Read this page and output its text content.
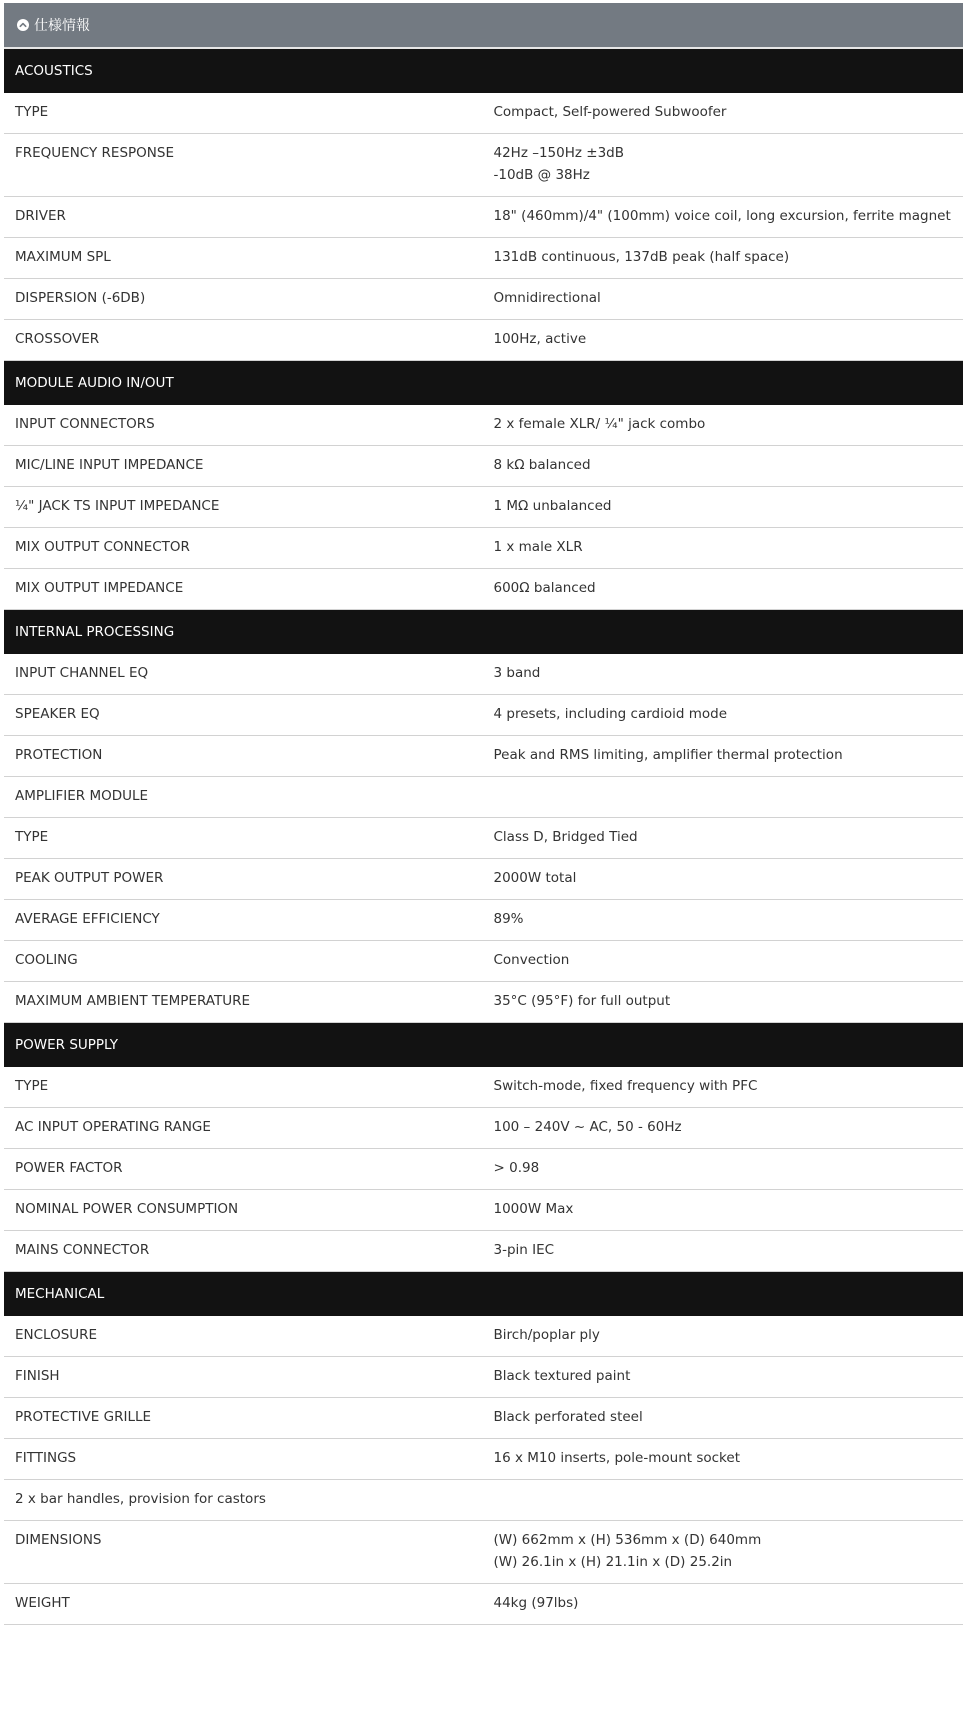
仕様情報
ACOUSTICS	
TYPE	Compact, Self-powered Subwoofer

FREQUENCY RESPONSE	42Hz –150Hz ±3dB
-10dB @ 38Hz

DRIVER	18" (460mm)/4" (100mm) voice coil, long excursion, ferrite magnet

MAXIMUM SPL	131dB continuous, 137dB peak (half space)

DISPERSION (-6DB)	Omnidirectional

CROSSOVER	100Hz, active

MODULE AUDIO IN/OUT	
INPUT CONNECTORS	2 x female XLR/ ¼" jack combo

MIC/LINE INPUT IMPEDANCE	8 kΩ balanced

¼" JACK TS INPUT IMPEDANCE	1 MΩ unbalanced

MIX OUTPUT CONNECTOR	1 x male XLR

MIX OUTPUT IMPEDANCE	600Ω balanced

INTERNAL PROCESSING	
INPUT CHANNEL EQ	3 band

SPEAKER EQ	4 presets, including cardioid mode

PROTECTION	Peak and RMS limiting, amplifier thermal protection

AMPLIFIER MODULE	
TYPE	Class D, Bridged Tied

PEAK OUTPUT POWER	2000W total

AVERAGE EFFICIENCY	89%

COOLING	Convection

MAXIMUM AMBIENT TEMPERATURE	35°C (95°F) for full output

POWER SUPPLY	
TYPE	Switch-mode, fixed frequency with PFC

AC INPUT OPERATING RANGE	100 – 240V ~ AC, 50 - 60Hz

POWER FACTOR	> 0.98

NOMINAL POWER CONSUMPTION	1000W Max

MAINS CONNECTOR	3-pin IEC

MECHANICAL	
ENCLOSURE	Birch/poplar ply

FINISH	Black textured paint

PROTECTIVE GRILLE	Black perforated steel

FITTINGS	16 x M10 inserts, pole-mount socket

2 x bar handles, provision for castors	
DIMENSIONS	(W) 662mm x (H) 536mm x (D) 640mm
(W) 26.1in x (H) 21.1in x (D) 25.2in

WEIGHT	44kg (97lbs)
